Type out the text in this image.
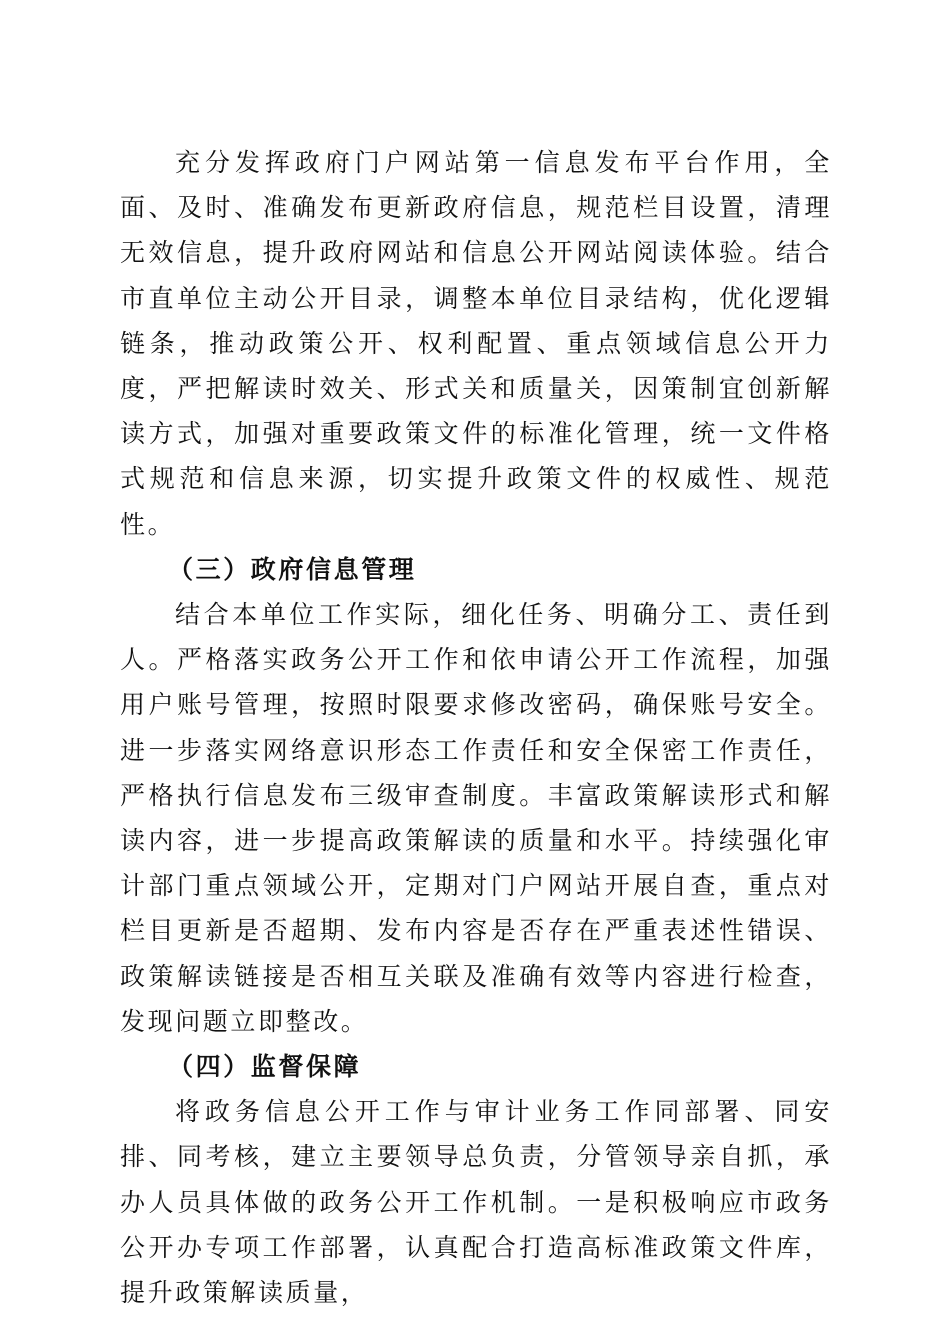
充分发挥政府门户网站第一信息发布平台作用，全面、及时、准确发布更新政府信息，规范栏目设置，清理无效信息，提升政府网站和信息公开网站阅读体验。结合市直单位主动公开目录，调整本单位目录结构，优化逻辑链条，推动政策公开、权利配置、重点领域信息公开力度，严把解读时效关、形式关和质量关，因策制宜创新解读方式，加强对重要政策文件的标准化管理，统一文件格式规范和信息来源，切实提升政策文件的权威性、规范性。

（三）政府信息管理

结合本单位工作实际，细化任务、明确分工、责任到人。严格落实政务公开工作和依申请公开工作流程，加强用户账号管理，按照时限要求修改密码，确保账号安全。进一步落实网络意识形态工作责任和安全保密工作责任，严格执行信息发布三级审查制度。丰富政策解读形式和解读内容，进一步提高政策解读的质量和水平。持续强化审计部门重点领域公开，定期对门户网站开展自查，重点对栏目更新是否超期、发布内容是否存在严重表述性错误、政策解读链接是否相互关联及准确有效等内容进行检查，发现问题立即整改。

（四）监督保障

将政务信息公开工作与审计业务工作同部署、同安排、同考核，建立主要领导总负责，分管领导亲自抓，承办人员具体做的政务公开工作机制。一是积极响应市政务公开办专项工作部署，认真配合打造高标准政策文件库，提升政策解读质量，
